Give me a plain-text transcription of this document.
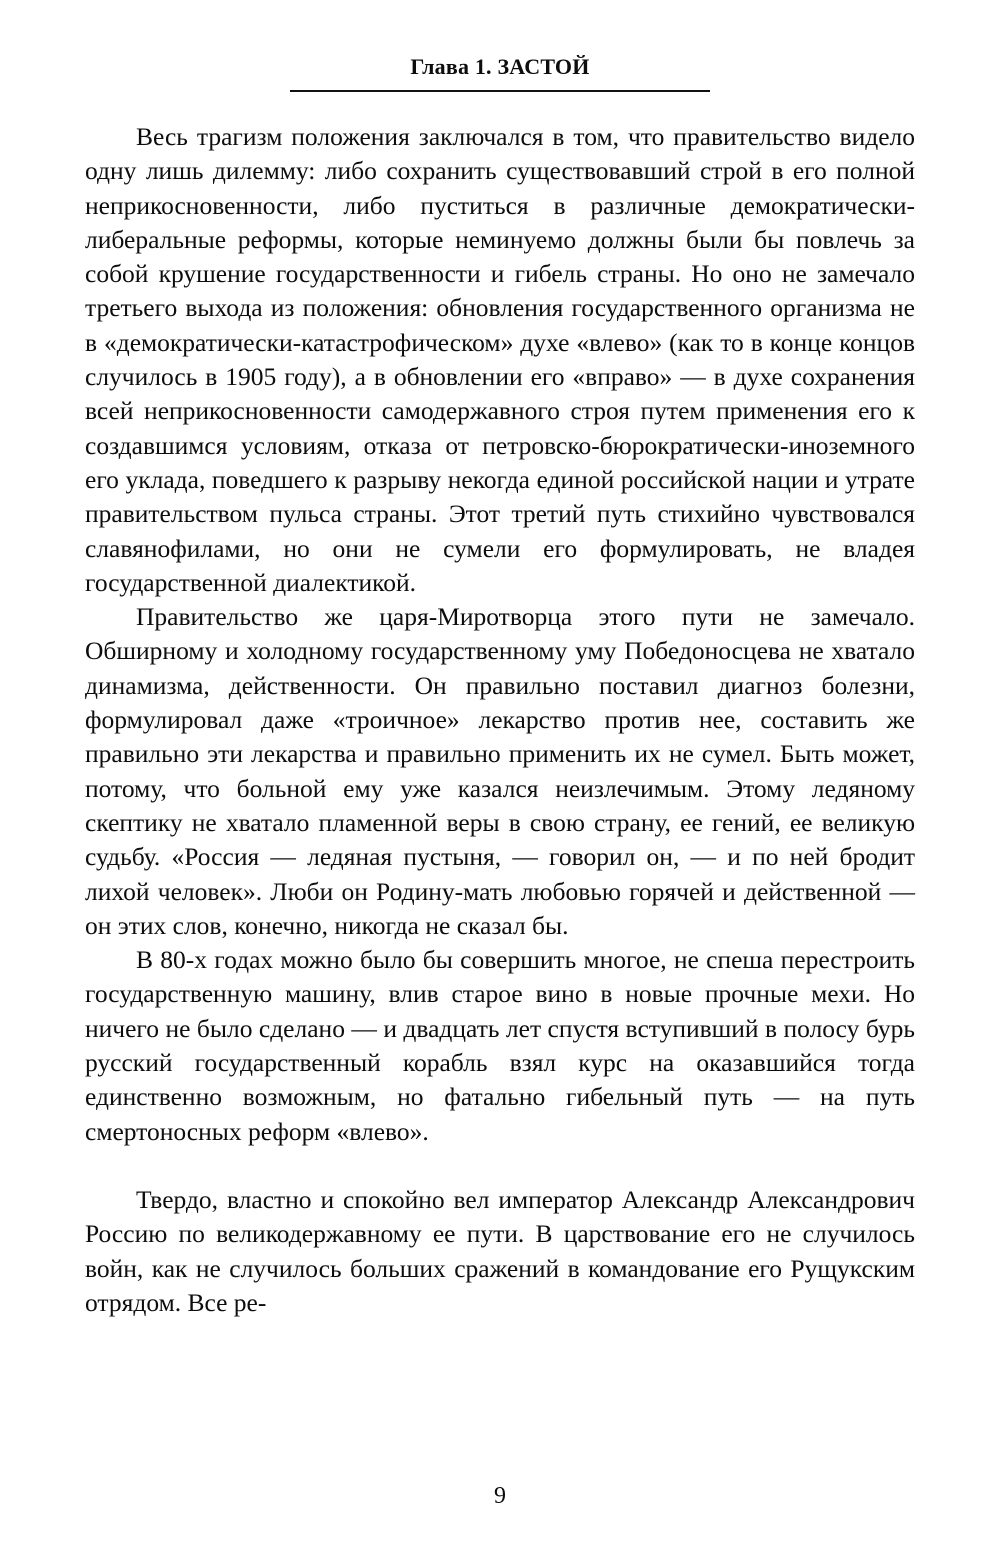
Глава 1. ЗАСТОЙ

Весь трагизм положения заключался в том, что правительство видело одну лишь дилемму: либо сохранить существовавший строй в его полной неприкосновенности, либо пуститься в различные демократически-либеральные реформы, которые неминуемо должны были бы повлечь за собой крушение государственности и гибель страны. Но оно не замечало третьего выхода из положения: обновления государственного организма не в «демократически-катастрофическом» духе «влево» (как то в конце концов случилось в 1905 году), а в обновлении его «вправо» — в духе сохранения всей неприкосновенности самодержавного строя путем применения его к создавшимся условиям, отказа от петровско-бюрократически-иноземного его уклада, поведшего к разрыву некогда единой российской нации и утрате правительством пульса страны. Этот третий путь стихийно чувствовался славянофилами, но они не сумели его формулировать, не владея государственной диалектикой.

Правительство же царя-Миротворца этого пути не замечало. Обширному и холодному государственному уму Победоносцева не хватало динамизма, действенности. Он правильно поставил диагноз болезни, формулировал даже «троичное» лекарство против нее, составить же правильно эти лекарства и правильно применить их не сумел. Быть может, потому, что больной ему уже казался неизлечимым. Этому ледяному скептику не хватало пламенной веры в свою страну, ее гений, ее великую судьбу. «Россия — ледяная пустыня, — говорил он, — и по ней бродит лихой человек». Люби он Родину-мать любовью горячей и действенной — он этих слов, конечно, никогда не сказал бы.

В 80-х годах можно было бы совершить многое, не спеша перестроить государственную машину, влив старое вино в новые прочные мехи. Но ничего не было сделано — и двадцать лет спустя вступивший в полосу бурь русский государственный корабль взял курс на оказавшийся тогда единственно возможным, но фатально гибельный путь — на путь смертоносных реформ «влево».

Твердо, властно и спокойно вел император Александр Александрович Россию по великодержавному ее пути. В царствование его не случилось войн, как не случилось больших сражений в командование его Рущукским отрядом. Все ре-

9
